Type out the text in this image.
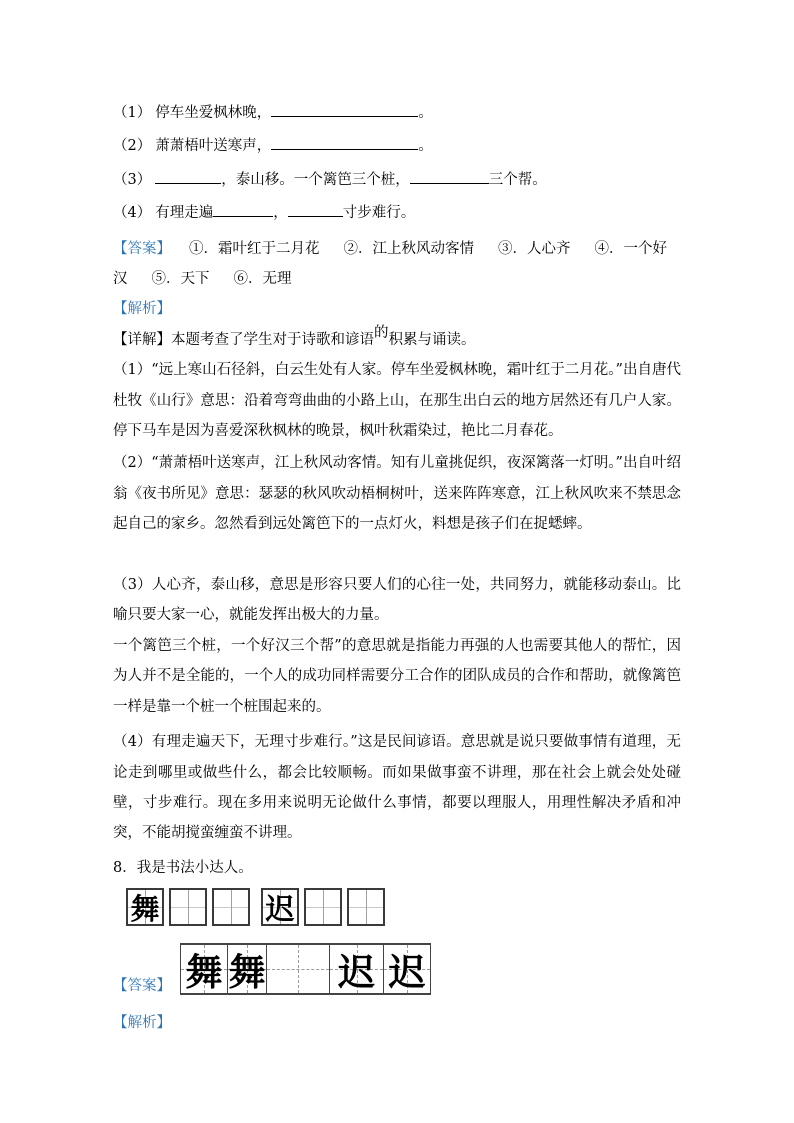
（1） 停车坐爱枫林晚，	。

（2） 萧萧梧叶送寒声，	。

（3）	，泰山移。一个篱笆三个桩，	三个帮。

（4） 有理走遍	，	寸步难行。

【答案】 ①．霜叶红于二月花 ②．江上秋风动客情 ③．人心齐 ④．一个好汉 ⑤．天下 ⑥．无理

【解析】

【详解】本题考查了学生对于诗歌和谚语的积累与诵读。

（1）“远上寒山石径斜，白云生处有人家。停车坐爱枫林晚，霜叶红于二月花。”出自唐代杜牧《山行》意思：沿着弯弯曲曲的小路上山，在那生出白云的地方居然还有几户人家。停下马车是因为喜爱深秋枫林的晚景，枫叶秋霜染过，艳比二月春花。

（2）“萧萧梧叶送寒声，江上秋风动客情。知有儿童挑促织，夜深篱落一灯明。”出自叶绍翁《夜书所见》意思：瑟瑟的秋风吹动梧桐树叶，送来阵阵寒意，江上秋风吹来不禁思念起自己的家乡。忽然看到远处篱笆下的一点灯火，料想是孩子们在捉蟋蟀。

（3）人心齐，泰山移，意思是形容只要人们的心往一处，共同努力，就能移动泰山。比喻只要大家一心，就能发挥出极大的力量。

一个篱笆三个桩，一个好汉三个帮”的意思就是指能力再强的人也需要其他人的帮忙，因为人并不是全能的，一个人的成功同样需要分工合作的团队成员的合作和帮助，就像篱笆一样是靠一个桩一个桩围起来的。

（4）有理走遍天下，无理寸步难行。”这是民间谚语。意思就是说只要做事情有道理，无论走到哪里或做些什么，都会比较顺畅。而如果做事蛮不讲理，那在社会上就会处处碰壁，寸步难行。现在多用来说明无论做什么事情，都要以理服人，用理性解决矛盾和冲突，不能胡搅蛮缠蛮不讲理。

8．我是书法小达人。

舞	迟
【答案】 舞 舞 迟 迟

【解析】
